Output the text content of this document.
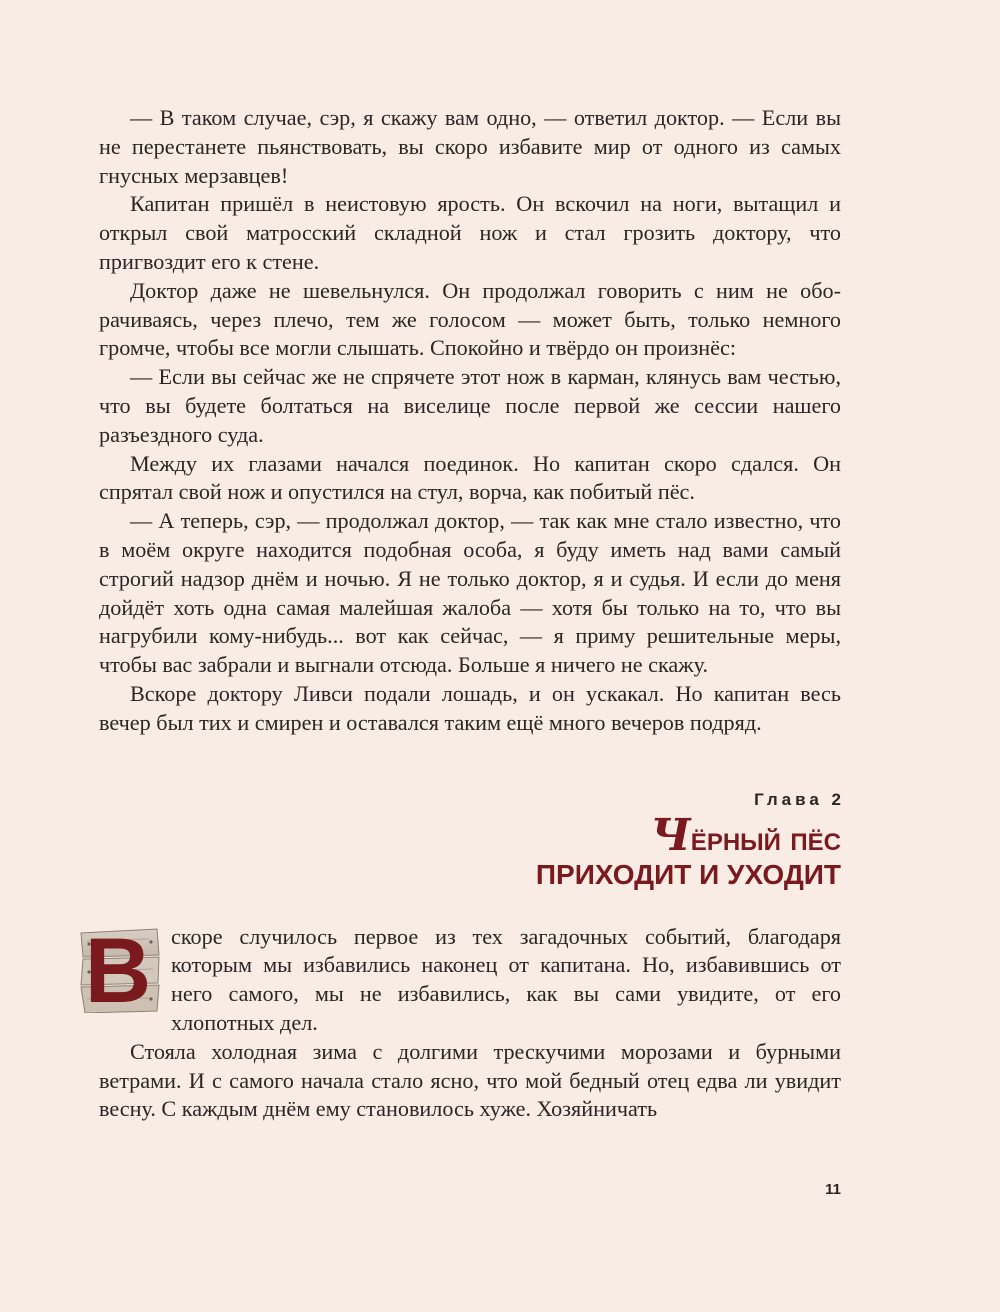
— В таком случае, сэр, я скажу вам одно, — ответил доктор. — Если вы не перестанете пьянствовать, вы скоро избавите мир от одного из самых гнусных мерзавцев!

Капитан пришёл в неистовую ярость. Он вскочил на ноги, вытащил и открыл свой матросский складной нож и стал грозить доктору, что пригвоздит его к стене.

Доктор даже не шевельнулся. Он продолжал говорить с ним не оборачиваясь, через плечо, тем же голосом — может быть, только немного громче, чтобы все могли слышать. Спокойно и твёрдо он произнёс:

— Если вы сейчас же не спрячете этот нож в карман, клянусь вам честью, что вы будете болтаться на виселице после первой же сессии нашего разъездного суда.

Между их глазами начался поединок. Но капитан скоро сдался. Он спрятал свой нож и опустился на стул, ворча, как побитый пёс.

— А теперь, сэр, — продолжал доктор, — так как мне стало известно, что в моём округе находится подобная особа, я буду иметь над вами самый строгий надзор днём и ночью. Я не только доктор, я и судья. И если до меня дойдёт хоть одна самая малейшая жалоба — хотя бы только на то, что вы нагрубили кому-нибудь... вот как сейчас, — я приму решительные меры, чтобы вас забрали и выгнали отсюда. Больше я ничего не скажу.

Вскоре доктору Ливси подали лошадь, и он ускакал. Но капитан весь вечер был тих и смирен и оставался таким ещё много вечеров подряд.

Глава 2
Чёрный пёс
ПРИХОДИТ И УХОДИТ
В скоре случилось первое из тех загадочных событий, благодаря которым мы избавились наконец от капитана. Но, избавившись от него самого, мы не избавились, как вы сами увидите, от его хлопотных дел.

Стояла холодная зима с долгими трескучими морозами и бурными ветрами. И с самого начала стало ясно, что мой бедный отец едва ли увидит весну. С каждым днём ему становилось хуже. Хозяйничать

11
